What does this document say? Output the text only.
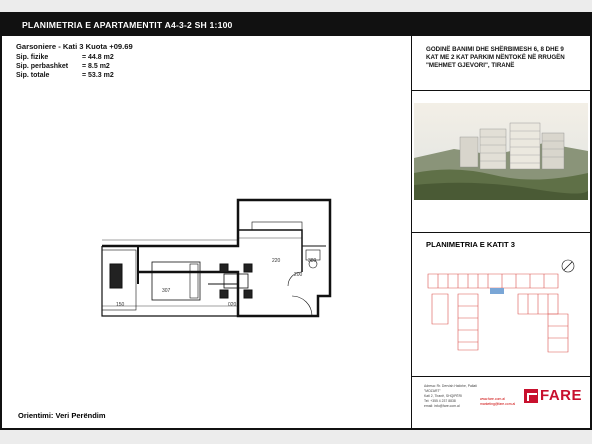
PLANIMETRIA E APARTAMENTIT A4-3-2 SH 1:100
Garsoniere - Kati 3 Kuota +09.69
Sip. fizike	= 44.8 m2
Sip. perbashket	= 8.5 m2
Sip. totale	= 53.3 m2
220
200
380
150
307
020
Orientimi: Veri Perëndim
GODINË BANIMI DHE SHËRBIMESH 6, 8 DHE 9
KAT ME 2 KAT PARKIM NËNTOKË NË RRUGËN
"MEHMET GJEVORI", TIRANË
PLANIMETRIA E KATIT 3
Adresa: Rr. Dervish Hatixhe, Pallati "MOZART"
Kati 2, Tiranë, SHQIPËRI
Tel: +355 4 237 8838
email: info@fare.com.al
www.fare.com.al
marketing@fare.com.al	FARE
